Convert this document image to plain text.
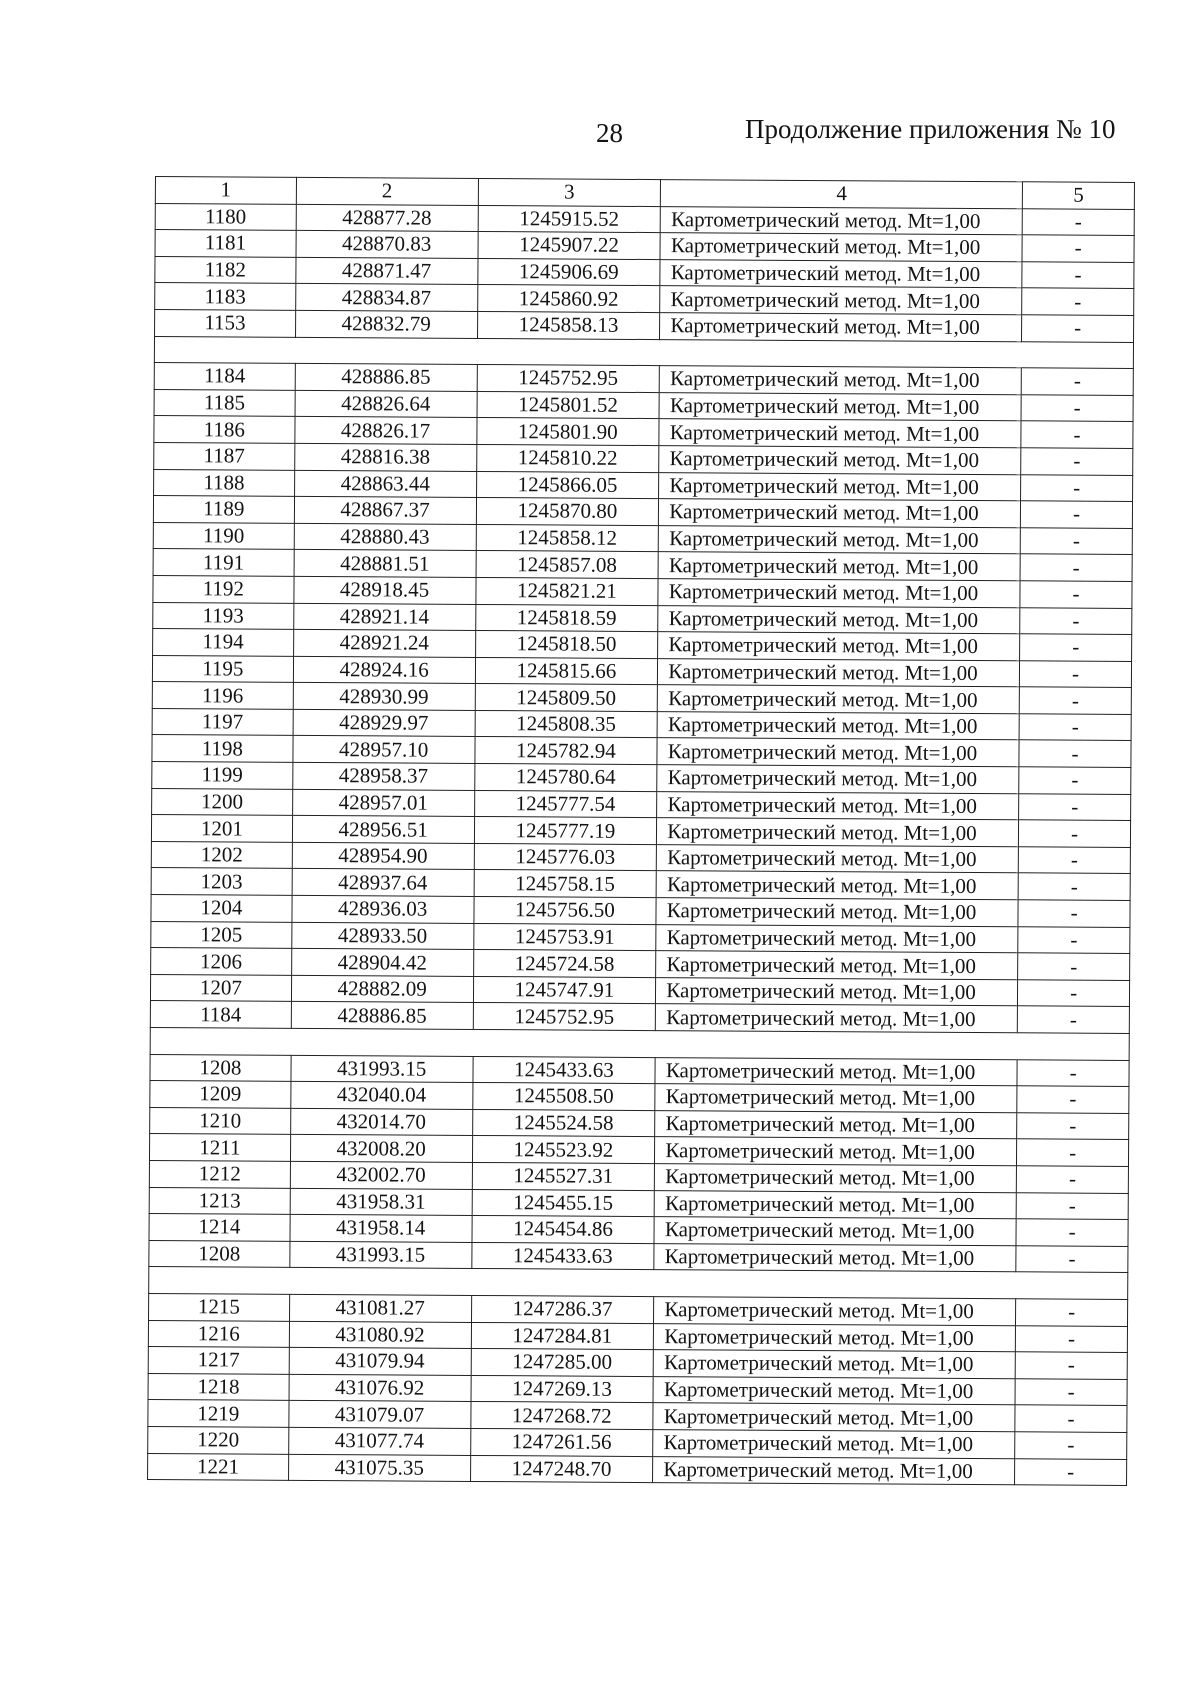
28	Продолжение приложения № 10
1	2	3	4	5
1180	428877.28	1245915.52	Картометрический метод. Mt=1,00	-
1181	428870.83	1245907.22	Картометрический метод. Mt=1,00	-
1182	428871.47	1245906.69	Картометрический метод. Mt=1,00	-
1183	428834.87	1245860.92	Картометрический метод. Mt=1,00	-
1153	428832.79	1245858.13	Картометрический метод. Mt=1,00	-

1184	428886.85	1245752.95	Картометрический метод. Mt=1,00	-
1185	428826.64	1245801.52	Картометрический метод. Mt=1,00	-
1186	428826.17	1245801.90	Картометрический метод. Mt=1,00	-
1187	428816.38	1245810.22	Картометрический метод. Mt=1,00	-
1188	428863.44	1245866.05	Картометрический метод. Mt=1,00	-
1189	428867.37	1245870.80	Картометрический метод. Mt=1,00	-
1190	428880.43	1245858.12	Картометрический метод. Mt=1,00	-
1191	428881.51	1245857.08	Картометрический метод. Mt=1,00	-
1192	428918.45	1245821.21	Картометрический метод. Mt=1,00	-
1193	428921.14	1245818.59	Картометрический метод. Mt=1,00	-
1194	428921.24	1245818.50	Картометрический метод. Mt=1,00	-
1195	428924.16	1245815.66	Картометрический метод. Mt=1,00	-
1196	428930.99	1245809.50	Картометрический метод. Mt=1,00	-
1197	428929.97	1245808.35	Картометрический метод. Mt=1,00	-
1198	428957.10	1245782.94	Картометрический метод. Mt=1,00	-
1199	428958.37	1245780.64	Картометрический метод. Mt=1,00	-
1200	428957.01	1245777.54	Картометрический метод. Mt=1,00	-
1201	428956.51	1245777.19	Картометрический метод. Mt=1,00	-
1202	428954.90	1245776.03	Картометрический метод. Mt=1,00	-
1203	428937.64	1245758.15	Картометрический метод. Mt=1,00	-
1204	428936.03	1245756.50	Картометрический метод. Mt=1,00	-
1205	428933.50	1245753.91	Картометрический метод. Mt=1,00	-
1206	428904.42	1245724.58	Картометрический метод. Mt=1,00	-
1207	428882.09	1245747.91	Картометрический метод. Mt=1,00	-
1184	428886.85	1245752.95	Картометрический метод. Mt=1,00	-

1208	431993.15	1245433.63	Картометрический метод. Mt=1,00	-
1209	432040.04	1245508.50	Картометрический метод. Mt=1,00	-
1210	432014.70	1245524.58	Картометрический метод. Mt=1,00	-
1211	432008.20	1245523.92	Картометрический метод. Mt=1,00	-
1212	432002.70	1245527.31	Картометрический метод. Mt=1,00	-
1213	431958.31	1245455.15	Картометрический метод. Mt=1,00	-
1214	431958.14	1245454.86	Картометрический метод. Mt=1,00	-
1208	431993.15	1245433.63	Картометрический метод. Mt=1,00	-

1215	431081.27	1247286.37	Картометрический метод. Mt=1,00	-
1216	431080.92	1247284.81	Картометрический метод. Mt=1,00	-
1217	431079.94	1247285.00	Картометрический метод. Mt=1,00	-
1218	431076.92	1247269.13	Картометрический метод. Mt=1,00	-
1219	431079.07	1247268.72	Картометрический метод. Mt=1,00	-
1220	431077.74	1247261.56	Картометрический метод. Mt=1,00	-
1221	431075.35	1247248.70	Картометрический метод. Mt=1,00	-
